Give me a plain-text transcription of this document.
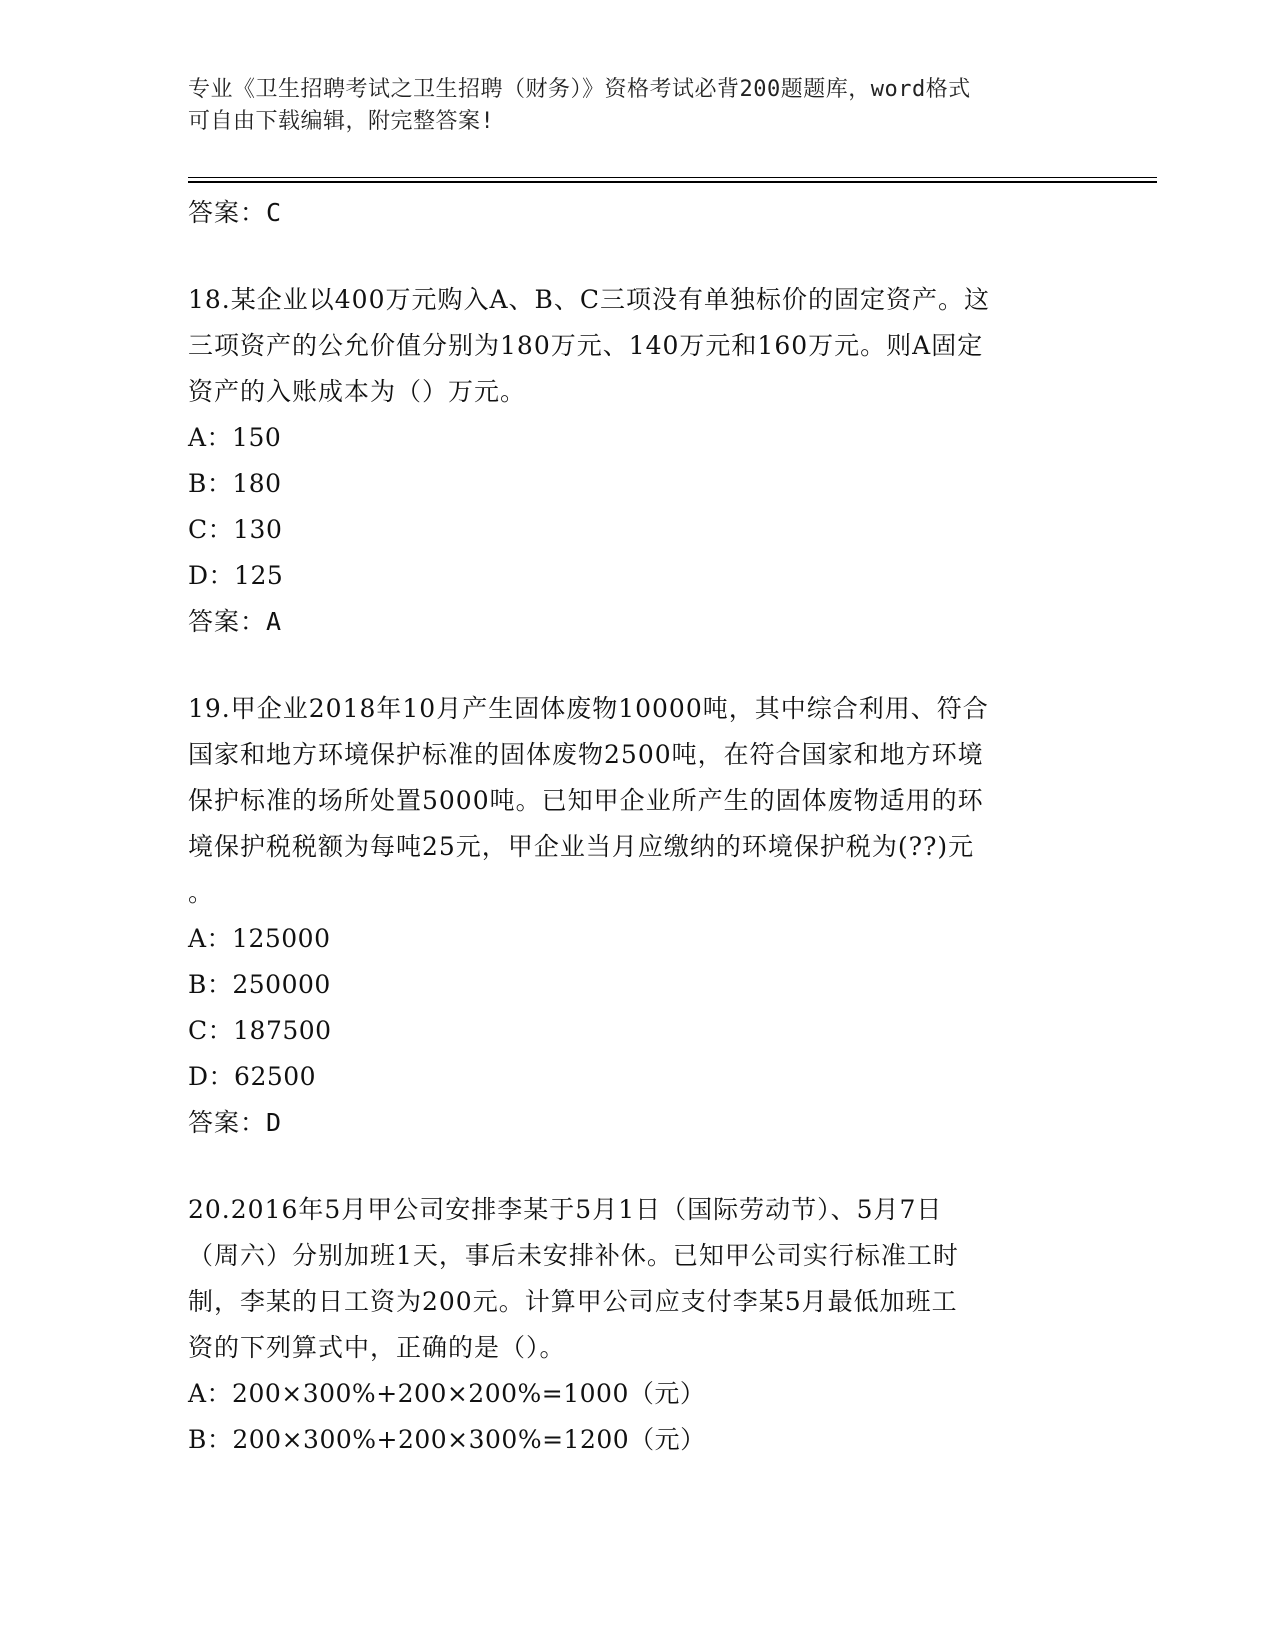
专业《卫生招聘考试之卫生招聘（财务）》资格考试必背200题题库，word格式
可自由下载编辑，附完整答案!
答案：C
18.某企业以400万元购入A、B、C三项没有单独标价的固定资产。这
三项资产的公允价值分别为180万元、140万元和160万元。则A固定
资产的入账成本为（）万元。
A：150
B：180
C：130
D：125
答案：A
19.甲企业2018年10月产生固体废物10000吨，其中综合利用、符合
国家和地方环境保护标准的固体废物2500吨，在符合国家和地方环境
保护标准的场所处置5000吨。已知甲企业所产生的固体废物适用的环
境保护税税额为每吨25元，甲企业当月应缴纳的环境保护税为(??)元
。
A：125000
B：250000
C：187500
D：62500
答案：D
20.2016年5月甲公司安排李某于5月1日（国际劳动节）、5月7日
（周六）分别加班1天，事后未安排补休。已知甲公司实行标准工时
制，李某的日工资为200元。计算甲公司应支付李某5月最低加班工
资的下列算式中，正确的是（）。
A：200×300%+200×200%=1000（元）
B：200×300%+200×300%=1200（元）
